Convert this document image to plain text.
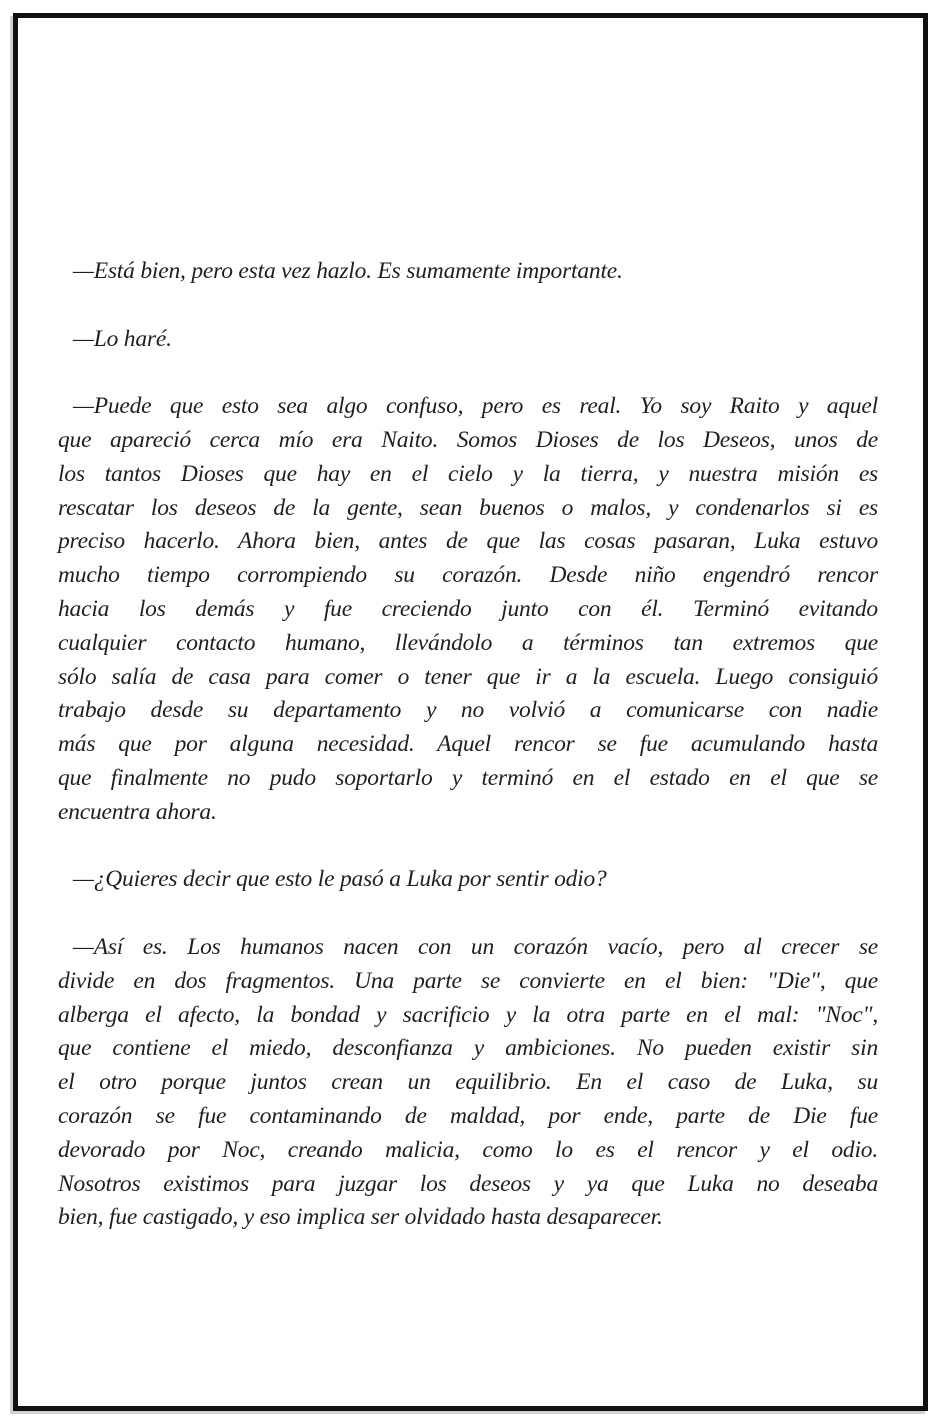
—Está bien, pero esta vez hazlo. Es sumamente importante.
—Lo haré.
—Puede que esto sea algo confuso, pero es real. Yo soy Raito y aquel
que apareció cerca mío era Naito. Somos Dioses de los Deseos, unos de
los tantos Dioses que hay en el cielo y la tierra, y nuestra misión es
rescatar los deseos de la gente, sean buenos o malos, y condenarlos si es
preciso hacerlo. Ahora bien, antes de que las cosas pasaran, Luka estuvo
mucho tiempo corrompiendo su corazón. Desde niño engendró rencor
hacia los demás y fue creciendo junto con él. Terminó evitando
cualquier contacto humano, llevándolo a términos tan extremos que
sólo salía de casa para comer o tener que ir a la escuela. Luego consiguió
trabajo desde su departamento y no volvió a comunicarse con nadie
más que por alguna necesidad. Aquel rencor se fue acumulando hasta
que finalmente no pudo soportarlo y terminó en el estado en el que se
encuentra ahora.
—¿Quieres decir que esto le pasó a Luka por sentir odio?
—Así es. Los humanos nacen con un corazón vacío, pero al crecer se
divide en dos fragmentos. Una parte se convierte en el bien: "Die", que
alberga el afecto, la bondad y sacrificio y la otra parte en el mal: "Noc",
que contiene el miedo, desconfianza y ambiciones. No pueden existir sin
el otro porque juntos crean un equilibrio. En el caso de Luka, su
corazón se fue contaminando de maldad, por ende, parte de Die fue
devorado por Noc, creando malicia, como lo es el rencor y el odio.
Nosotros existimos para juzgar los deseos y ya que Luka no deseaba
bien, fue castigado, y eso implica ser olvidado hasta desaparecer.
